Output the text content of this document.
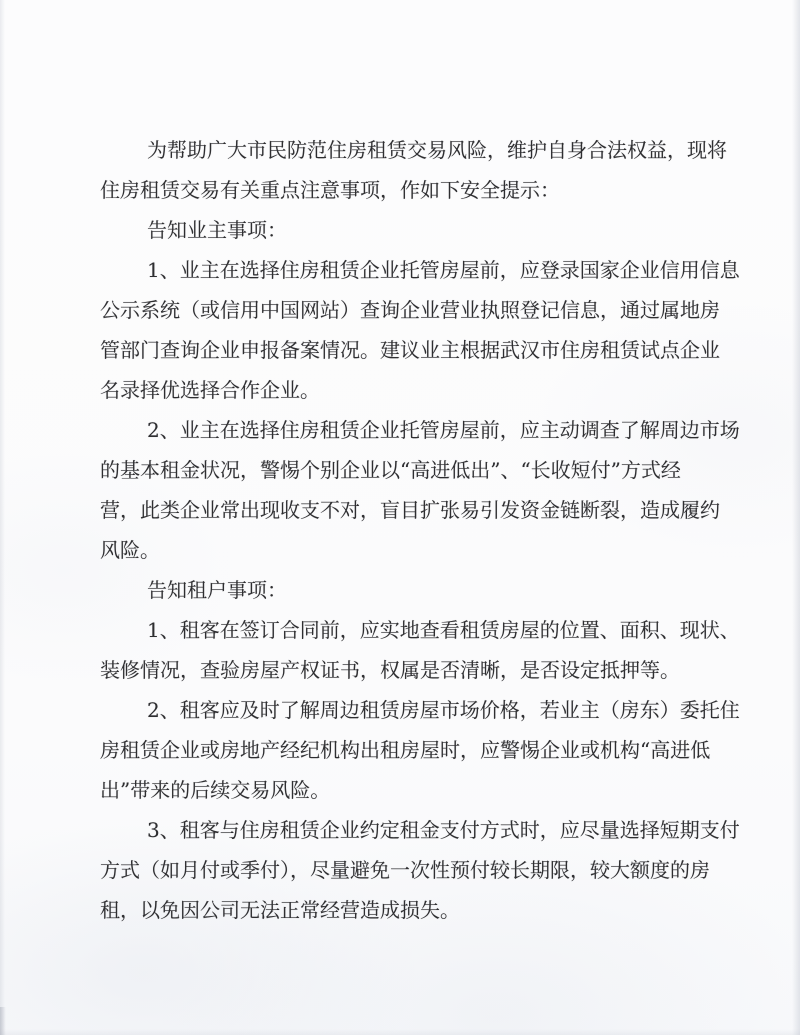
为帮助广大市民防范住房租赁交易风险，维护自身合法权益，现将
住房租赁交易有关重点注意事项，作如下安全提示：
告知业主事项：
1、业主在选择住房租赁企业托管房屋前，应登录国家企业信用信息
公示系统（或信用中国网站）查询企业营业执照登记信息，通过属地房
管部门查询企业申报备案情况。建议业主根据武汉市住房租赁试点企业
名录择优选择合作企业。
2、业主在选择住房租赁企业托管房屋前，应主动调查了解周边市场
的基本租金状况，警惕个别企业以“高进低出”、“长收短付”方式经
营，此类企业常出现收支不对，盲目扩张易引发资金链断裂，造成履约
风险。
告知租户事项：
1、租客在签订合同前，应实地查看租赁房屋的位置、面积、现状、
装修情况，查验房屋产权证书，权属是否清晰，是否设定抵押等。
2、租客应及时了解周边租赁房屋市场价格，若业主（房东）委托住
房租赁企业或房地产经纪机构出租房屋时，应警惕企业或机构“高进低
出”带来的后续交易风险。
3、租客与住房租赁企业约定租金支付方式时，应尽量选择短期支付
方式（如月付或季付），尽量避免一次性预付较长期限，较大额度的房
租，以免因公司无法正常经营造成损失。
